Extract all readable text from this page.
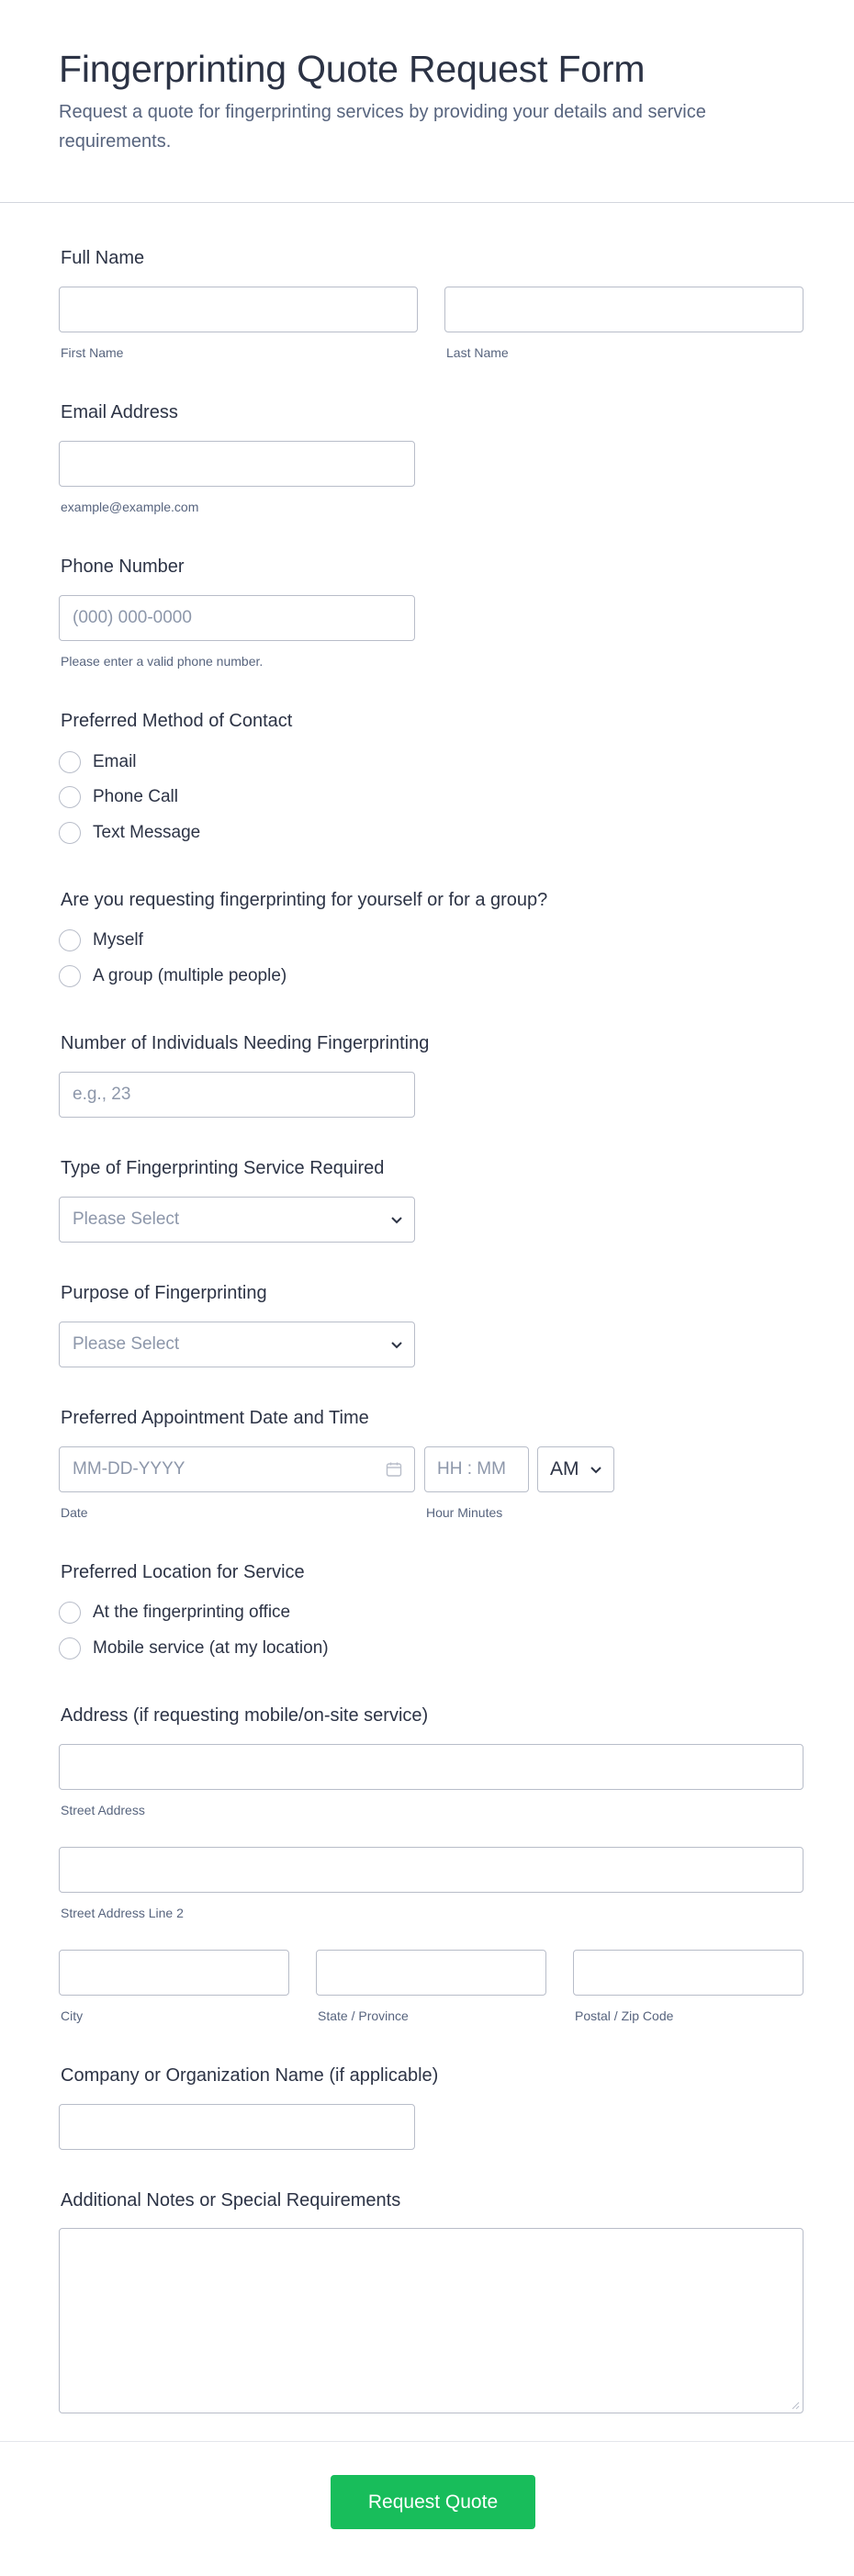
Fingerprinting Quote Request Form

Request a quote for fingerprinting services by providing your details and service requirements.

Full Name
First Name	Last Name
Email Address
example@example.com
Phone Number
(000) 000-0000
Please enter a valid phone number.
Preferred Method of Contact
Email
Phone Call
Text Message
Are you requesting fingerprinting for yourself or for a group?
Myself
A group (multiple people)
Number of Individuals Needing Fingerprinting
e.g., 23
Type of Fingerprinting Service Required
Please Select
Purpose of Fingerprinting
Please Select
Preferred Appointment Date and Time
MM-DD-YYYY	HH : MM AM
Date	Hour Minutes
Preferred Location for Service
At the fingerprinting office
Mobile service (at my location)
Address (if requesting mobile/on-site service)
Street Address
Street Address Line 2
City	State / Province	Postal / Zip Code
Company or Organization Name (if applicable)
Additional Notes or Special Requirements
Request Quote
